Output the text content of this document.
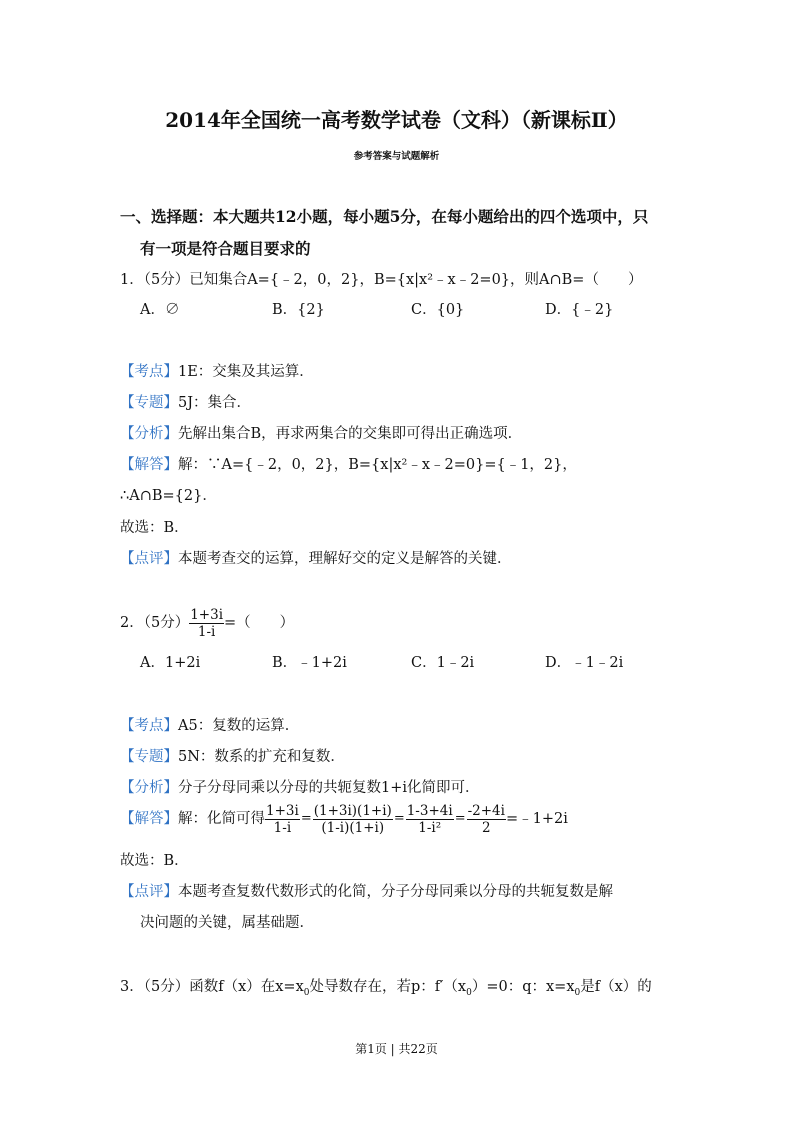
2014年全国统一高考数学试卷（文科）（新课标Ⅱ）
参考答案与试题解析
一、选择题：本大题共12小题，每小题5分，在每小题给出的四个选项中，只
有一项是符合题目要求的
1．（5分）已知集合A={﹣2，0，2}，B={x|x²﹣x﹣2=0}，则A∩B=（　　）
A．∅	B．{2}	C．{0}	D．{﹣2}
【考点】1E：交集及其运算．
【专题】5J：集合．
【分析】先解出集合B，再求两集合的交集即可得出正确选项．
【解答】解：∵A={﹣2，0，2}，B={x|x²﹣x﹣2=0}={﹣1，2}，
∴A∩B={2}．
故选：B．
【点评】本题考查交的运算，理解好交的定义是解答的关键．
2．（5分） $\frac{1+3i}{1-i}$ =（　　）
A．1+2i	B．﹣1+2i	C．1﹣2i	D．﹣1﹣2i
【考点】A5：复数的运算．
【专题】5N：数系的扩充和复数．
【分析】分子分母同乘以分母的共轭复数1+i化简即可．
【解答】解：化简可得 $\frac{1+3i}{1-i} = \frac{(1+3i)(1+i)}{(1-i)(1+i)} = \frac{1-3+4i}{\text{1-i²}} = \frac{-2+4i}{2}$ =﹣1+2i
故选：B．
【点评】本题考查复数代数形式的化简，分子分母同乘以分母的共轭复数是解
决问题的关键，属基础题．
3．（5分）函数f（x）在$x=x_0$处导数存在，若p：$f'(x_0)=0$：q：$x=x_0$是f（x）的
第1页 | 共22页
